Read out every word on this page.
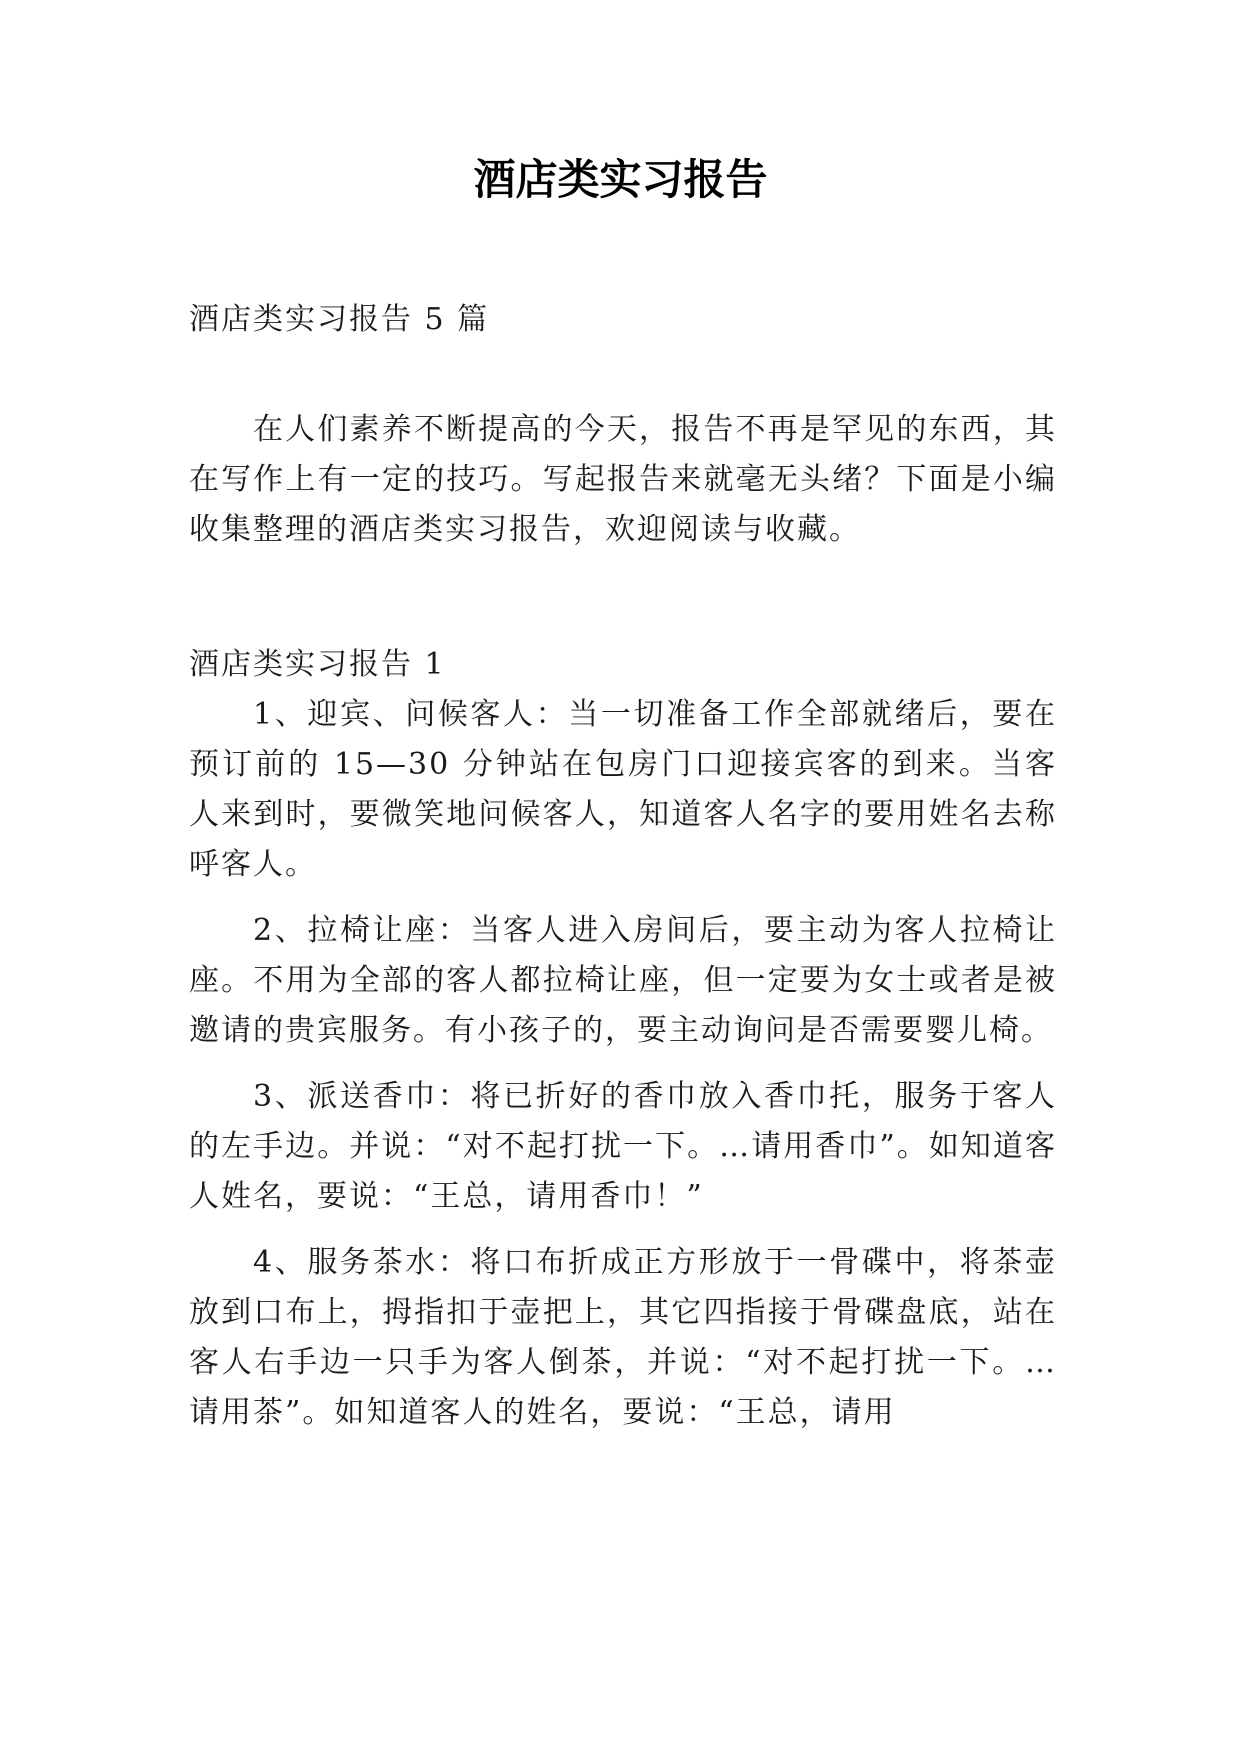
酒店类实习报告

酒店类实习报告 5 篇

在人们素养不断提高的今天，报告不再是罕见的东西，其在写作上有一定的技巧。写起报告来就毫无头绪？下面是小编收集整理的酒店类实习报告，欢迎阅读与收藏。

酒店类实习报告 1

1、迎宾、问候客人：当一切准备工作全部就绪后，要在预订前的 15—30 分钟站在包房门口迎接宾客的到来。当客人来到时，要微笑地问候客人，知道客人名字的要用姓名去称呼客人。

2、拉椅让座：当客人进入房间后，要主动为客人拉椅让座。不用为全部的客人都拉椅让座，但一定要为女士或者是被邀请的贵宾服务。有小孩子的，要主动询问是否需要婴儿椅。

3、派送香巾：将已折好的香巾放入香巾托，服务于客人的左手边。并说：“对不起打扰一下。…请用香巾”。如知道客人姓名，要说：“王总，请用香巾！”

4、服务茶水：将口布折成正方形放于一骨碟中，将茶壶放到口布上，拇指扣于壶把上，其它四指接于骨碟盘底，站在客人右手边一只手为客人倒茶，并说：“对不起打扰一下。…请用茶”。如知道客人的姓名，要说：“王总，请用
